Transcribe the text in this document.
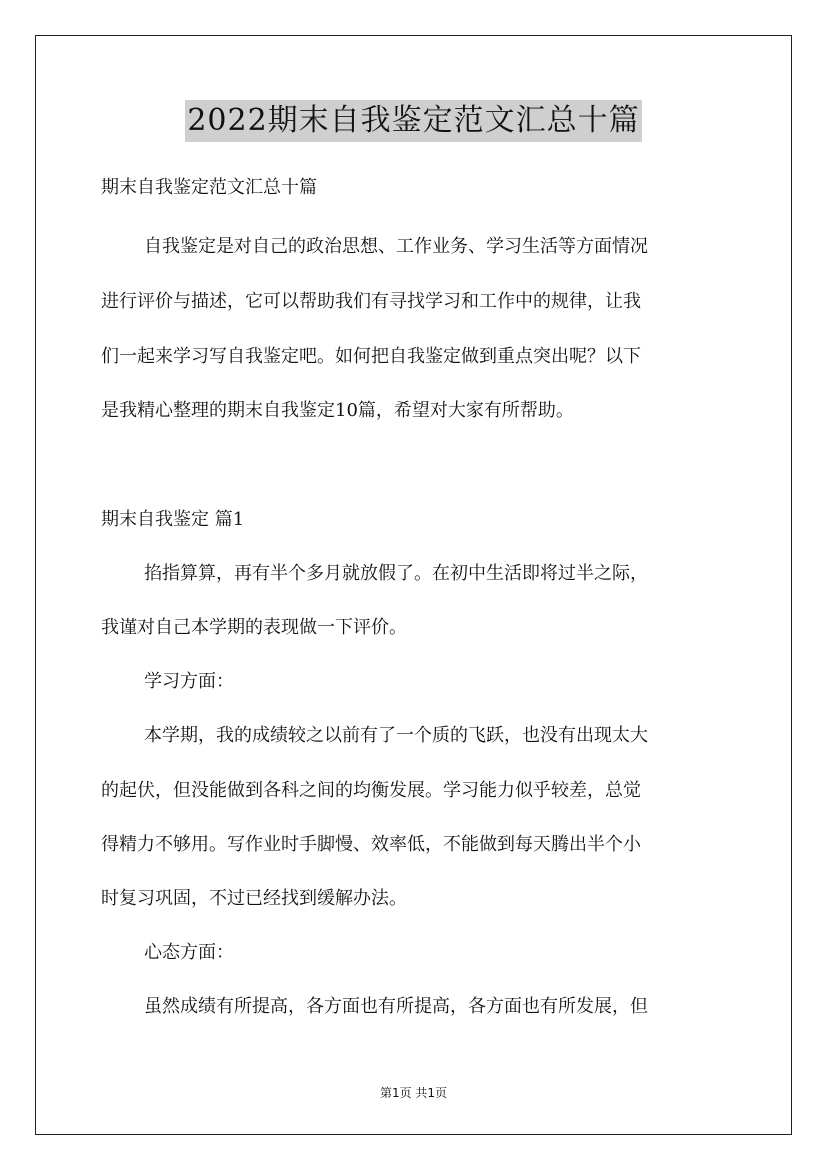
2022期末自我鉴定范文汇总十篇
期末自我鉴定范文汇总十篇
自我鉴定是对自己的政治思想、工作业务、学习生活等方面情况
进行评价与描述，它可以帮助我们有寻找学习和工作中的规律，让我
们一起来学习写自我鉴定吧。如何把自我鉴定做到重点突出呢？以下
是我精心整理的期末自我鉴定10篇，希望对大家有所帮助。
期末自我鉴定 篇1
掐指算算，再有半个多月就放假了。在初中生活即将过半之际，
我谨对自己本学期的表现做一下评价。
学习方面：
本学期，我的成绩较之以前有了一个质的飞跃，也没有出现太大
的起伏，但没能做到各科之间的均衡发展。学习能力似乎较差，总觉
得精力不够用。写作业时手脚慢、效率低，不能做到每天腾出半个小
时复习巩固，不过已经找到缓解办法。
心态方面：
虽然成绩有所提高，各方面也有所提高，各方面也有所发展，但
第1页 共1页
